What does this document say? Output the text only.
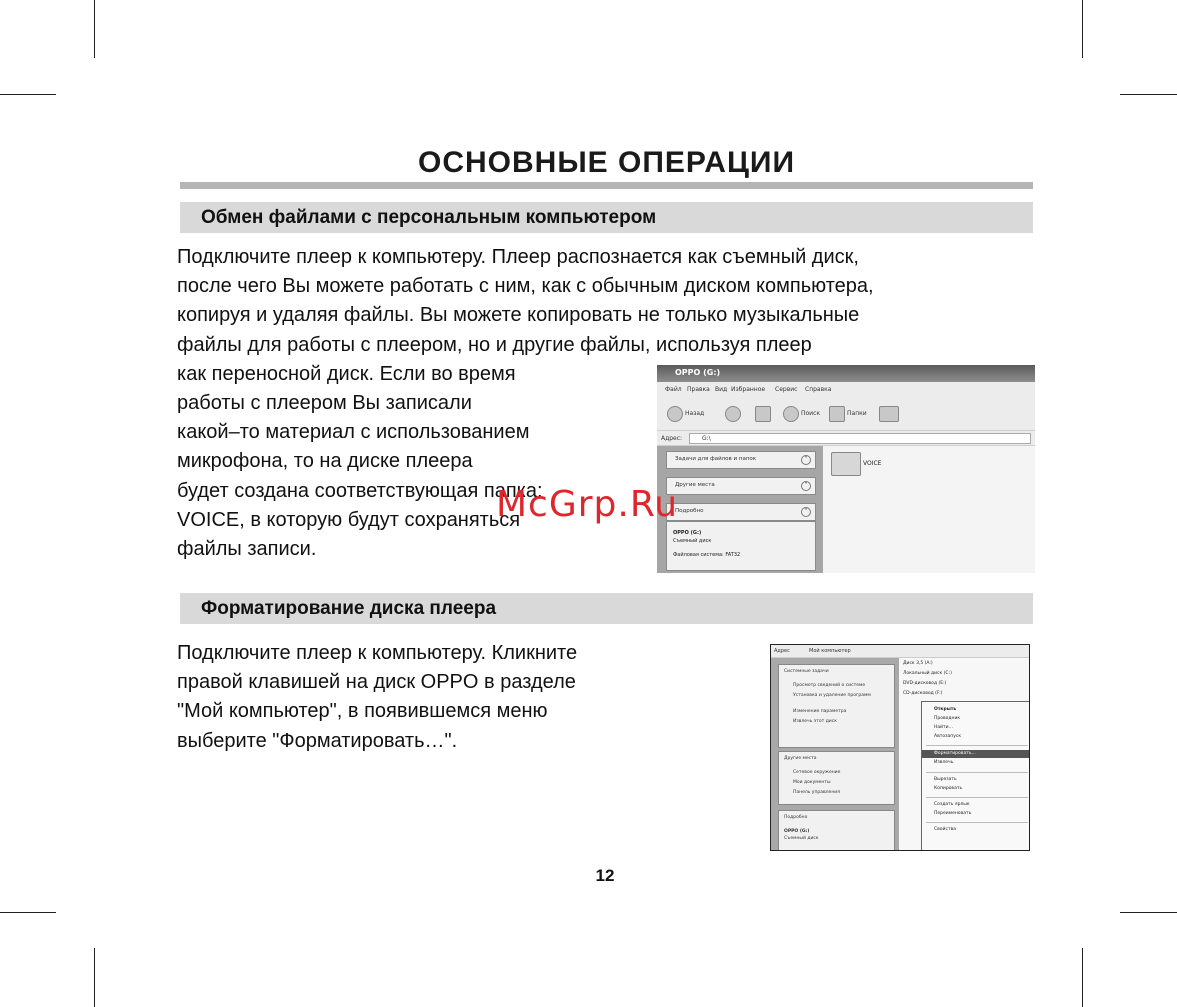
ОСНОВНЫЕ ОПЕРАЦИИ
Обмен файлами с персональным компьютером
Подключите плеер к компьютеру. Плеер распознается как съемный диск,
после чего Вы можете работать с ним, как с обычным диском компьютера,
копируя и удаляя файлы. Вы можете копировать не только музыкальные
файлы для работы с плеером, но и другие файлы, используя плеер
как переносной диск. Если во время
работы с плеером Вы записали
какой–то материал с использованием
микрофона, то на диске плеера
будет создана соответствующая папка:
VOICE, в которую будут сохраняться
файлы записи.
OPPO (G:)
Файл Правка Вид Избранное Сервис Справка
Назад	Поиск	Папки
Адрес:	G:\
Задачи для файлов и папок	˅
Другие места	˅
Подробно	˄
OPPO (G:)
Съемный диск
Файловая система: FAT32
VOICE
McGrp.Ru
Форматирование диска плеера
Подключите плеер к компьютеру. Кликните
правой клавишей на диск OPPO в разделе
"Мой компьютер", в появившемся меню
выберите "Форматировать…".
Адрес	Мой компьютер
Системные задачи
Просмотр сведений о системе
Установка и удаление программ
Изменение параметра
Извлечь этот диск
Другие места
Сетевое окружение
Мои документы
Панель управления
Подробно
OPPO (G:)
Съемный диск
Диск 3,5 (A:)
Локальный диск (C:)
DVD-дисковод (E:)
CD-дисковод (F:)
Открыть
Проводник
Найти...
Автозапуск
Форматировать...
Извлечь
Вырезать
Копировать
Создать ярлык
Переименовать
Свойства
12
